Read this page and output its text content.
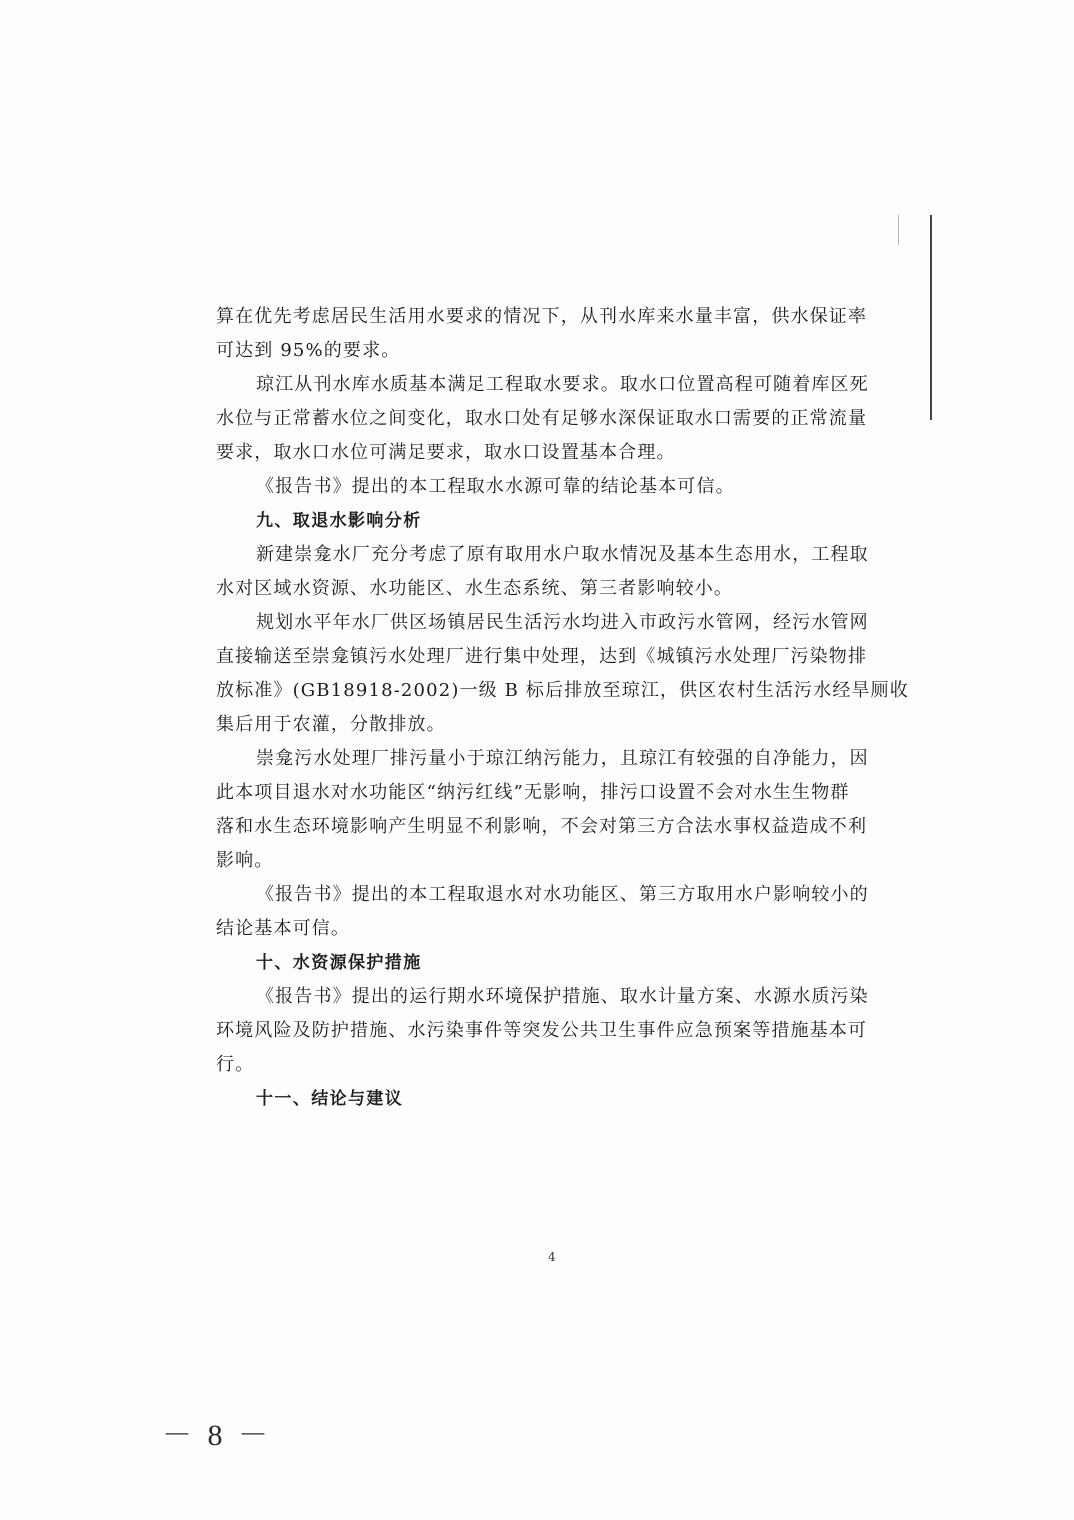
算在优先考虑居民生活用水要求的情况下，从刊水库来水量丰富，供水保证率
可达到 95%的要求。
琼江从刊水库水质基本满足工程取水要求。取水口位置高程可随着库区死
水位与正常蓄水位之间变化，取水口处有足够水深保证取水口需要的正常流量
要求，取水口水位可满足要求，取水口设置基本合理。
《报告书》提出的本工程取水水源可靠的结论基本可信。
九、取退水影响分析
新建崇龛水厂充分考虑了原有取用水户取水情况及基本生态用水，工程取
水对区域水资源、水功能区、水生态系统、第三者影响较小。
规划水平年水厂供区场镇居民生活污水均进入市政污水管网，经污水管网
直接输送至崇龛镇污水处理厂进行集中处理，达到《城镇污水处理厂污染物排
放标准》(GB18918-2002)一级 B 标后排放至琼江，供区农村生活污水经旱厕收
集后用于农灌，分散排放。
崇龛污水处理厂排污量小于琼江纳污能力，且琼江有较强的自净能力，因
此本项目退水对水功能区“纳污红线”无影响，排污口设置不会对水生生物群
落和水生态环境影响产生明显不利影响，不会对第三方合法水事权益造成不利
影响。
《报告书》提出的本工程取退水对水功能区、第三方取用水户影响较小的
结论基本可信。
十、水资源保护措施
《报告书》提出的运行期水环境保护措施、取水计量方案、水源水质污染
环境风险及防护措施、水污染事件等突发公共卫生事件应急预案等措施基本可
行。
十一、结论与建议
4
－ 8 －
